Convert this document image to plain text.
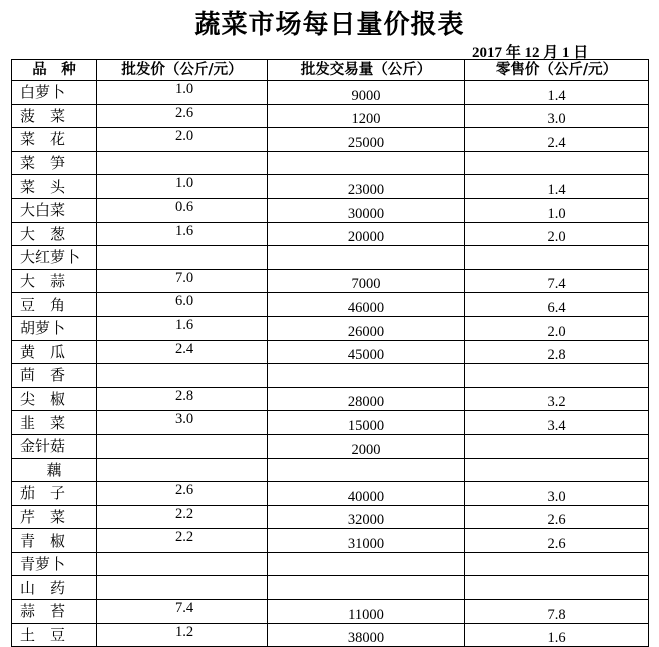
蔬菜市场每日量价报表
2017 年 12 月 1 日
品　种	批发价（公斤/元）	批发交易量（公斤）	零售价（公斤/元）
白萝卜	1.0	9000	1.4
菠　菜	2.6	1200	3.0
菜　花	2.0	25000	2.4
菜　笋			
菜　头	1.0	23000	1.4
大白菜	0.6	30000	1.0
大　葱	1.6	20000	2.0
大红萝卜			
大　蒜	7.0	7000	7.4
豆　角	6.0	46000	6.4
胡萝卜	1.6	26000	2.0
黄　瓜	2.4	45000	2.8
茴　香			
尖　椒	2.8	28000	3.2
韭　菜	3.0	15000	3.4
金针菇		2000	
藕			
茄　子	2.6	40000	3.0
芹　菜	2.2	32000	2.6
青　椒	2.2	31000	2.6
青萝卜			
山　药			
蒜　苔	7.4	11000	7.8
土　豆	1.2	38000	1.6
